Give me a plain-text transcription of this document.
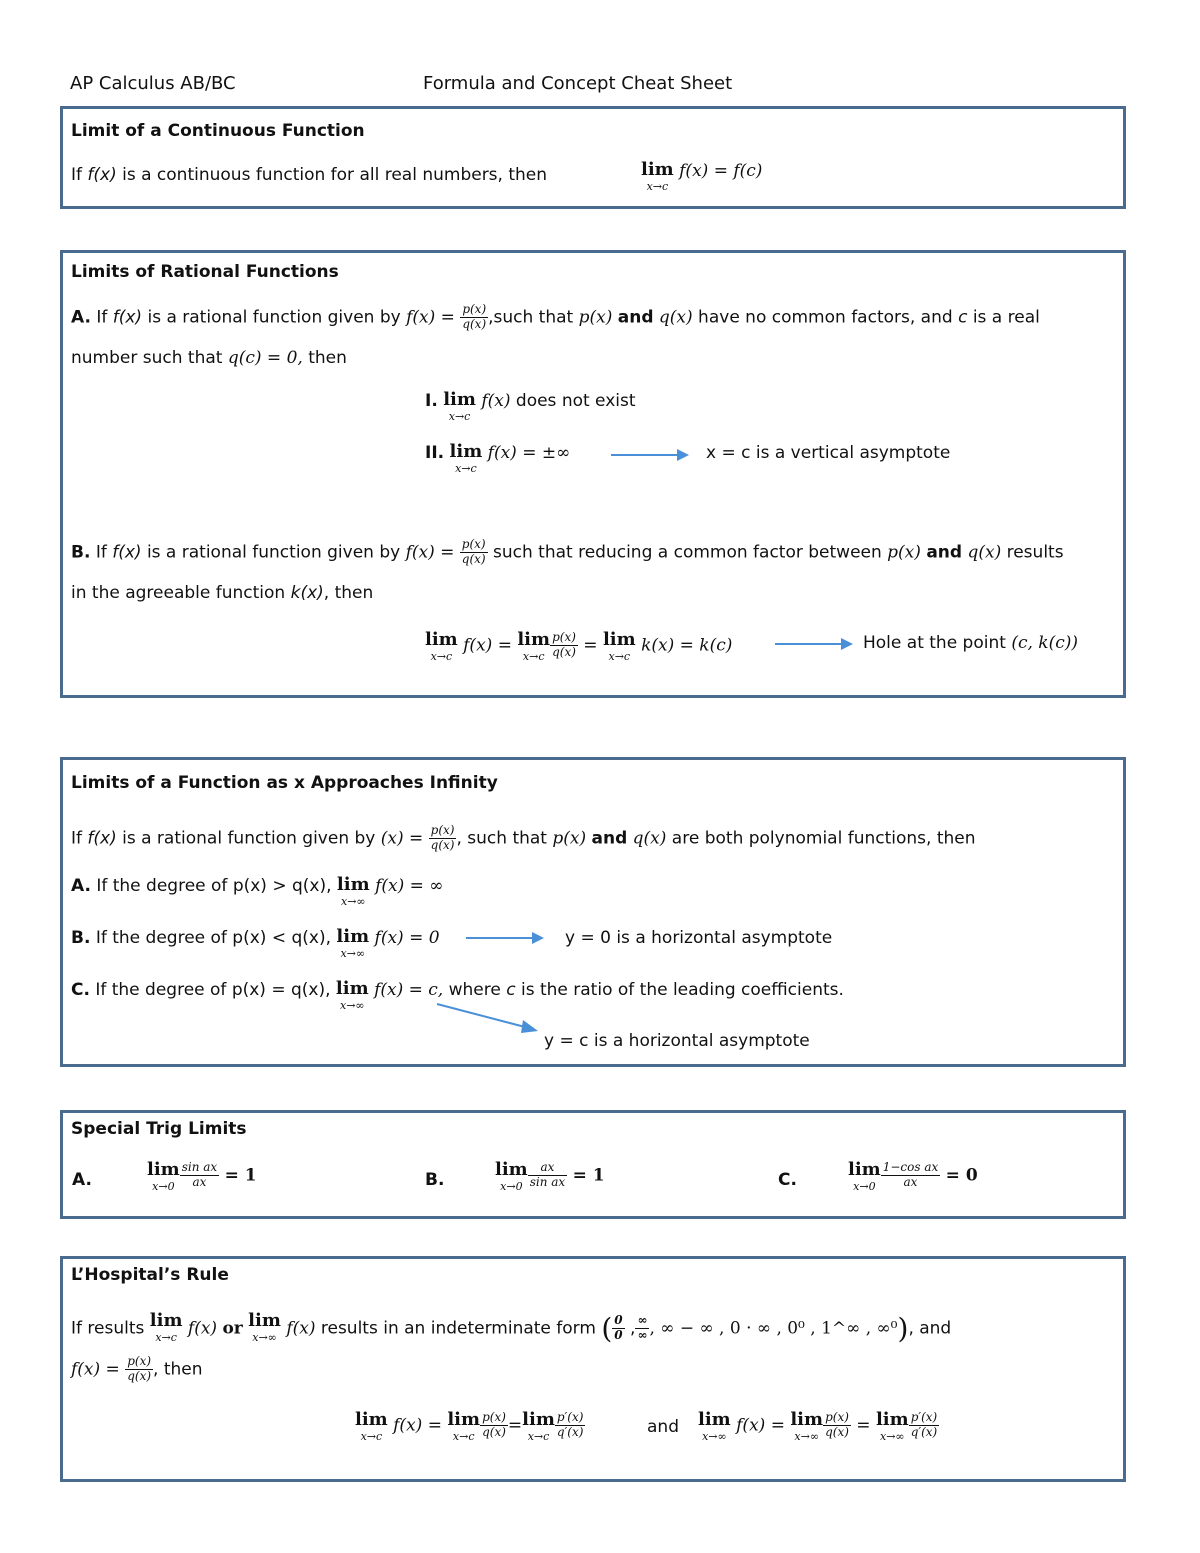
AP Calculus AB/BC	Formula and Concept Cheat Sheet
Limit of a Continuous Function
If f(x) is a continuous function for all real numbers, then	lim
x→c
f(x) = f(c)
Limits of Rational Functions
A. If f(x) is a rational function given by $f(x) = \frac{p(x)}{q(x)}$ ,such that p(x) and q(x) have no common factors, and c is a real
number such that q(c) = 0, then
I. lim
x→c
f(x) does not exist
II. lim
x→c
f(x) = ±∞	x = c is a vertical asymptote
B. If f(x) is a rational function given by $f(x) = \frac{p(x)}{q(x)}$ such that reducing a common factor between p(x) and q(x) results
in the agreeable function k(x), then
lim
x→c
f(x) = lim
$x\to c \frac{p(x)}{q(x)} = \lim$
x→c
k(x) = k(c)	Hole at the point (c, k(c))
Limits of a Function as x Approaches Infinity
If f(x) is a rational function given by $(x) = \frac{p(x)}{q(x)}$ , such that p(x) and q(x) are both polynomial functions, then
A. If the degree of p(x) > q(x), lim
x→∞
f(x) = ∞
B. If the degree of p(x) < q(x), lim
x→∞
f(x) = 0	y = 0 is a horizontal asymptote
C. If the degree of p(x) = q(x), lim
x→∞
f(x) = c, where c is the ratio of the leading coefficients.
y = c is a horizontal asymptote
Special Trig Limits
A.	lim
$x\to 0 \frac{\text{sin ax}}{ax} = 1$	B.	lim
$x\to 0 \frac{ax}{\text{sin ax}} = 1$	C.	lim
$x\to 0 \frac{\text{1−cos ax}}{ax} = 0$
L’Hospital’s Rule
If results lim
x→c f(x) or lim
x→∞ f(x) results in an indeterminate form ( $\frac{0}{0}$ , $\frac{\infty}{\infty}$ , ∞ − ∞ , 0 · ∞ , 0⁰ , 1^∞ , ∞⁰), and
$f(x) = \frac{p(x)}{q(x)}$ , then
lim
x→c
f(x) = lim
$x\to c \frac{p(x)}{q(x)} =\lim$
$x\to c \frac{p'(x)}{q'(x)}$	and lim
x→∞
f(x) = lim
$x\to\infty \frac{p(x)}{q(x)} = \lim$
$x\to\infty \frac{p'(x)}{q'(x)}$
